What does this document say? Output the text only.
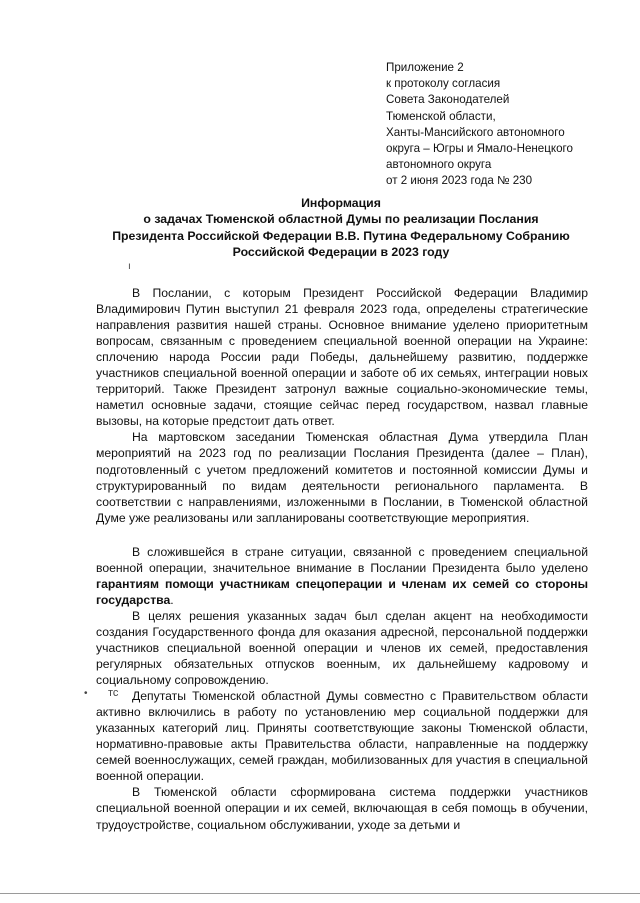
Приложение 2
к протоколу согласия
Совета Законодателей
Тюменской области,
Ханты-Мансийского автономного
округа – Югры и Ямало-Ненецкого
автономного округа
от 2 июня 2023 года № 230
Информация
о задачах Тюменской областной Думы по реализации Послания
Президента Российской Федерации В.В. Путина Федеральному Собранию
Российской Федерации в 2023 году
ı
• тс

В Послании, с которым Президент Российской Федерации Владимир Владимирович Путин выступил 21 февраля 2023 года, определены стратегические направления развития нашей страны. Основное внимание уделено приоритетным вопросам, связанным с проведением специальной военной операции на Украине: сплочению народа России ради Победы, дальнейшему развитию, поддержке участников специальной военной операции и заботе об их семьях, интеграции новых территорий. Также Президент затронул важные социально-экономические темы, наметил основные задачи, стоящие сейчас перед государством, назвал главные вызовы, на которые предстоит дать ответ.

На мартовском заседании Тюменская областная Дума утвердила План мероприятий на 2023 год по реализации Послания Президента (далее – План), подготовленный с учетом предложений комитетов и постоянной комиссии Думы и структурированный по видам деятельности регионального парламента. В соответствии с направлениями, изложенными в Послании, в Тюменской областной Думе уже реализованы или запланированы соответствующие мероприятия.

В сложившейся в стране ситуации, связанной с проведением специальной военной операции, значительное внимание в Послании Президента было уделено гарантиям помощи участникам спецоперации и членам их семей со стороны государства.

В целях решения указанных задач был сделан акцент на необходимости создания Государственного фонда для оказания адресной, персональной поддержки участников специальной военной операции и членов их семей, предоставления регулярных обязательных отпусков военным, их дальнейшему кадровому и социальному сопровождению.

Депутаты Тюменской областной Думы совместно с Правительством области активно включились в работу по установлению мер социальной поддержки для указанных категорий лиц. Приняты соответствующие законы Тюменской области, нормативно-правовые акты Правительства области, направленные на поддержку семей военнослужащих, семей граждан, мобилизованных для участия в специальной военной операции.

В Тюменской области сформирована система поддержки участников специальной военной операции и их семей, включающая в себя помощь в обучении, трудоустройстве, социальном обслуживании, уходе за детьми и
